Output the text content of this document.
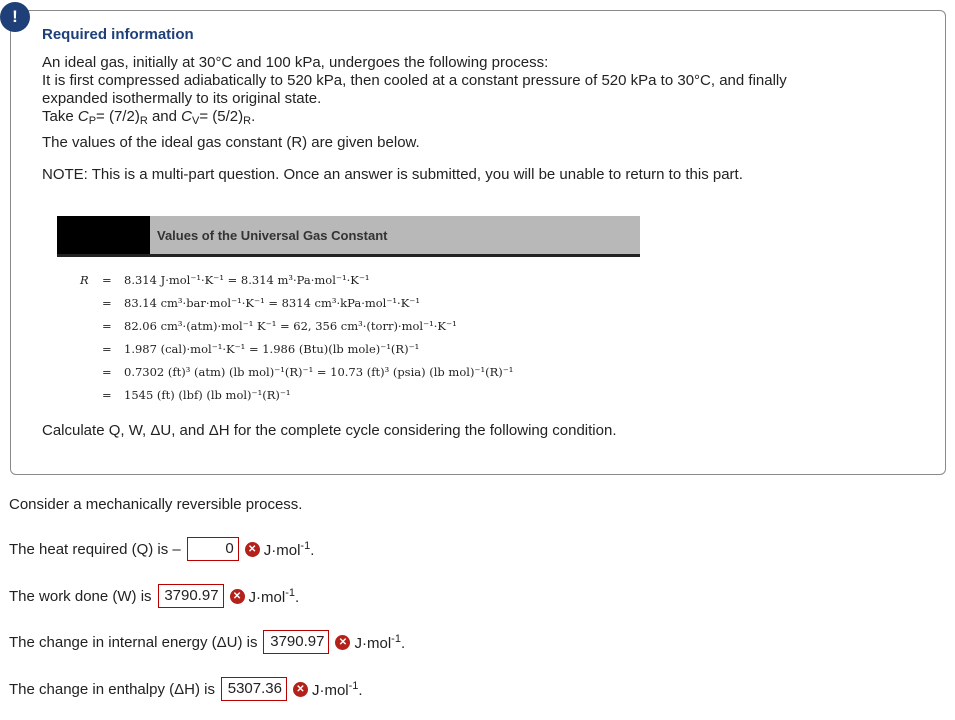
!
Required information
An ideal gas, initially at 30°C and 100 kPa, undergoes the following process:
It is first compressed adiabatically to 520 kPa, then cooled at a constant pressure of 520 kPa to 30°C, and finally expanded isothermally to its original state.
Take $C_P= (7/2)_R$ and $C_V= (5/2)_R$.
The values of the ideal gas constant (R) are given below.
NOTE: This is a multi-part question. Once an answer is submitted, you will be unable to return to this part.
Values of the Universal Gas Constant
R	=	8.314 J·mol⁻¹·K⁻¹ = 8.314 m³·Pa·mol⁻¹·K⁻¹
=	83.14 cm³·bar·mol⁻¹·K⁻¹ = 8314 cm³·kPa·mol⁻¹·K⁻¹
=	82.06 cm³·(atm)·mol⁻¹ K⁻¹ = 62, 356 cm³·(torr)·mol⁻¹·K⁻¹
=	1.987 (cal)·mol⁻¹·K⁻¹ = 1.986 (Btu)(lb mole)⁻¹(R)⁻¹
=	0.7302 (ft)³ (atm) (lb mol)⁻¹(R)⁻¹ = 10.73 (ft)³ (psia) (lb mol)⁻¹(R)⁻¹
=	1545 (ft) (lbf) (lb mol)⁻¹(R)⁻¹
Calculate Q, W, ΔU, and ΔH for the complete cycle considering the following condition.
Consider a mechanically reversible process.
The heat required (Q) is –	0	✕ J·mol$^{-1}$.
The work done (W) is 3790.97	✕ J·mol$^{-1}$.
The change in internal energy (ΔU) is 3790.97	✕ J·mol$^{-1}$.
The change in enthalpy (ΔH) is 5307.36	✕ J·mol$^{-1}$.
